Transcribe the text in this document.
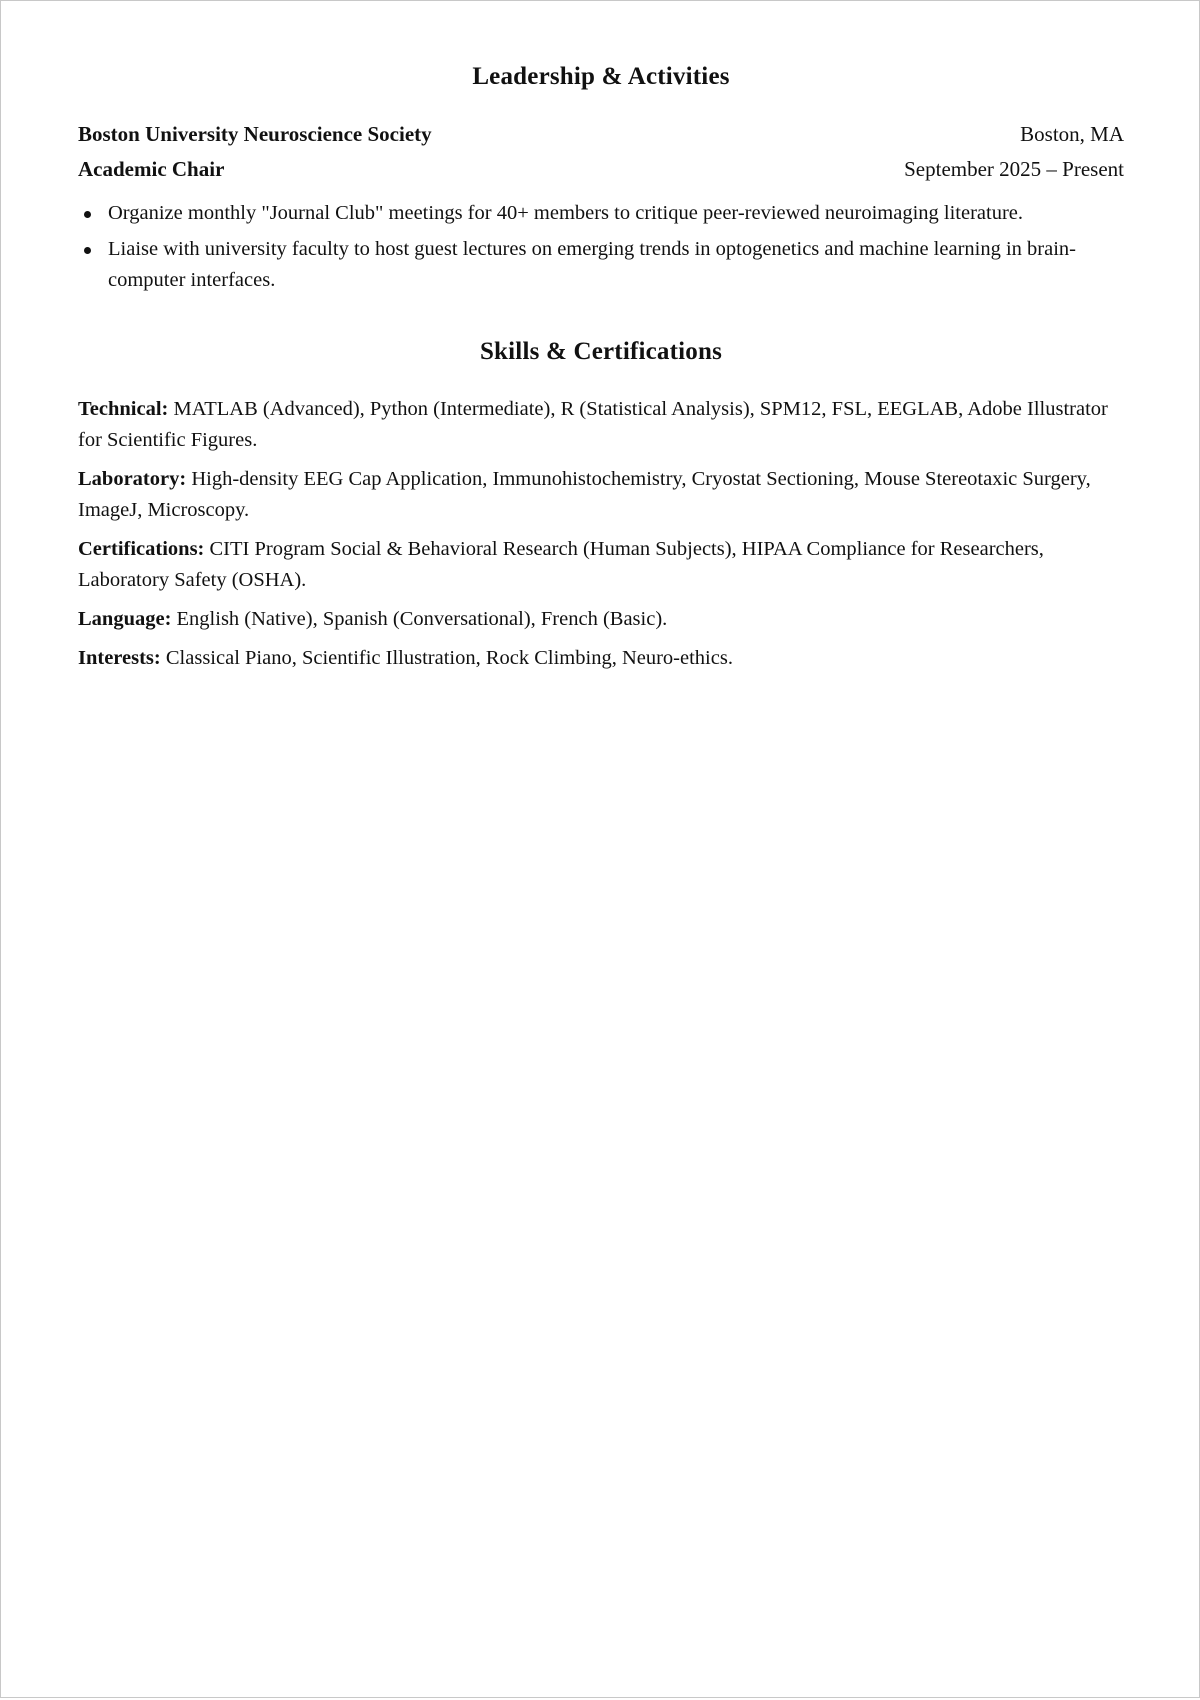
Leadership & Activities
Boston University Neuroscience Society	Boston, MA
Academic Chair	September 2025 – Present
Organize monthly "Journal Club" meetings for 40+ members to critique peer-reviewed neuroimaging literature.
Liaise with university faculty to host guest lectures on emerging trends in optogenetics and machine learning in brain-computer interfaces.
Skills & Certifications

Technical: MATLAB (Advanced), Python (Intermediate), R (Statistical Analysis), SPM12, FSL, EEGLAB, Adobe Illustrator for Scientific Figures.

Laboratory: High-density EEG Cap Application, Immunohistochemistry, Cryostat Sectioning, Mouse Stereotaxic Surgery, ImageJ, Microscopy.

Certifications: CITI Program Social & Behavioral Research (Human Subjects), HIPAA Compliance for Researchers, Laboratory Safety (OSHA).

Language: English (Native), Spanish (Conversational), French (Basic).

Interests: Classical Piano, Scientific Illustration, Rock Climbing, Neuro-ethics.
